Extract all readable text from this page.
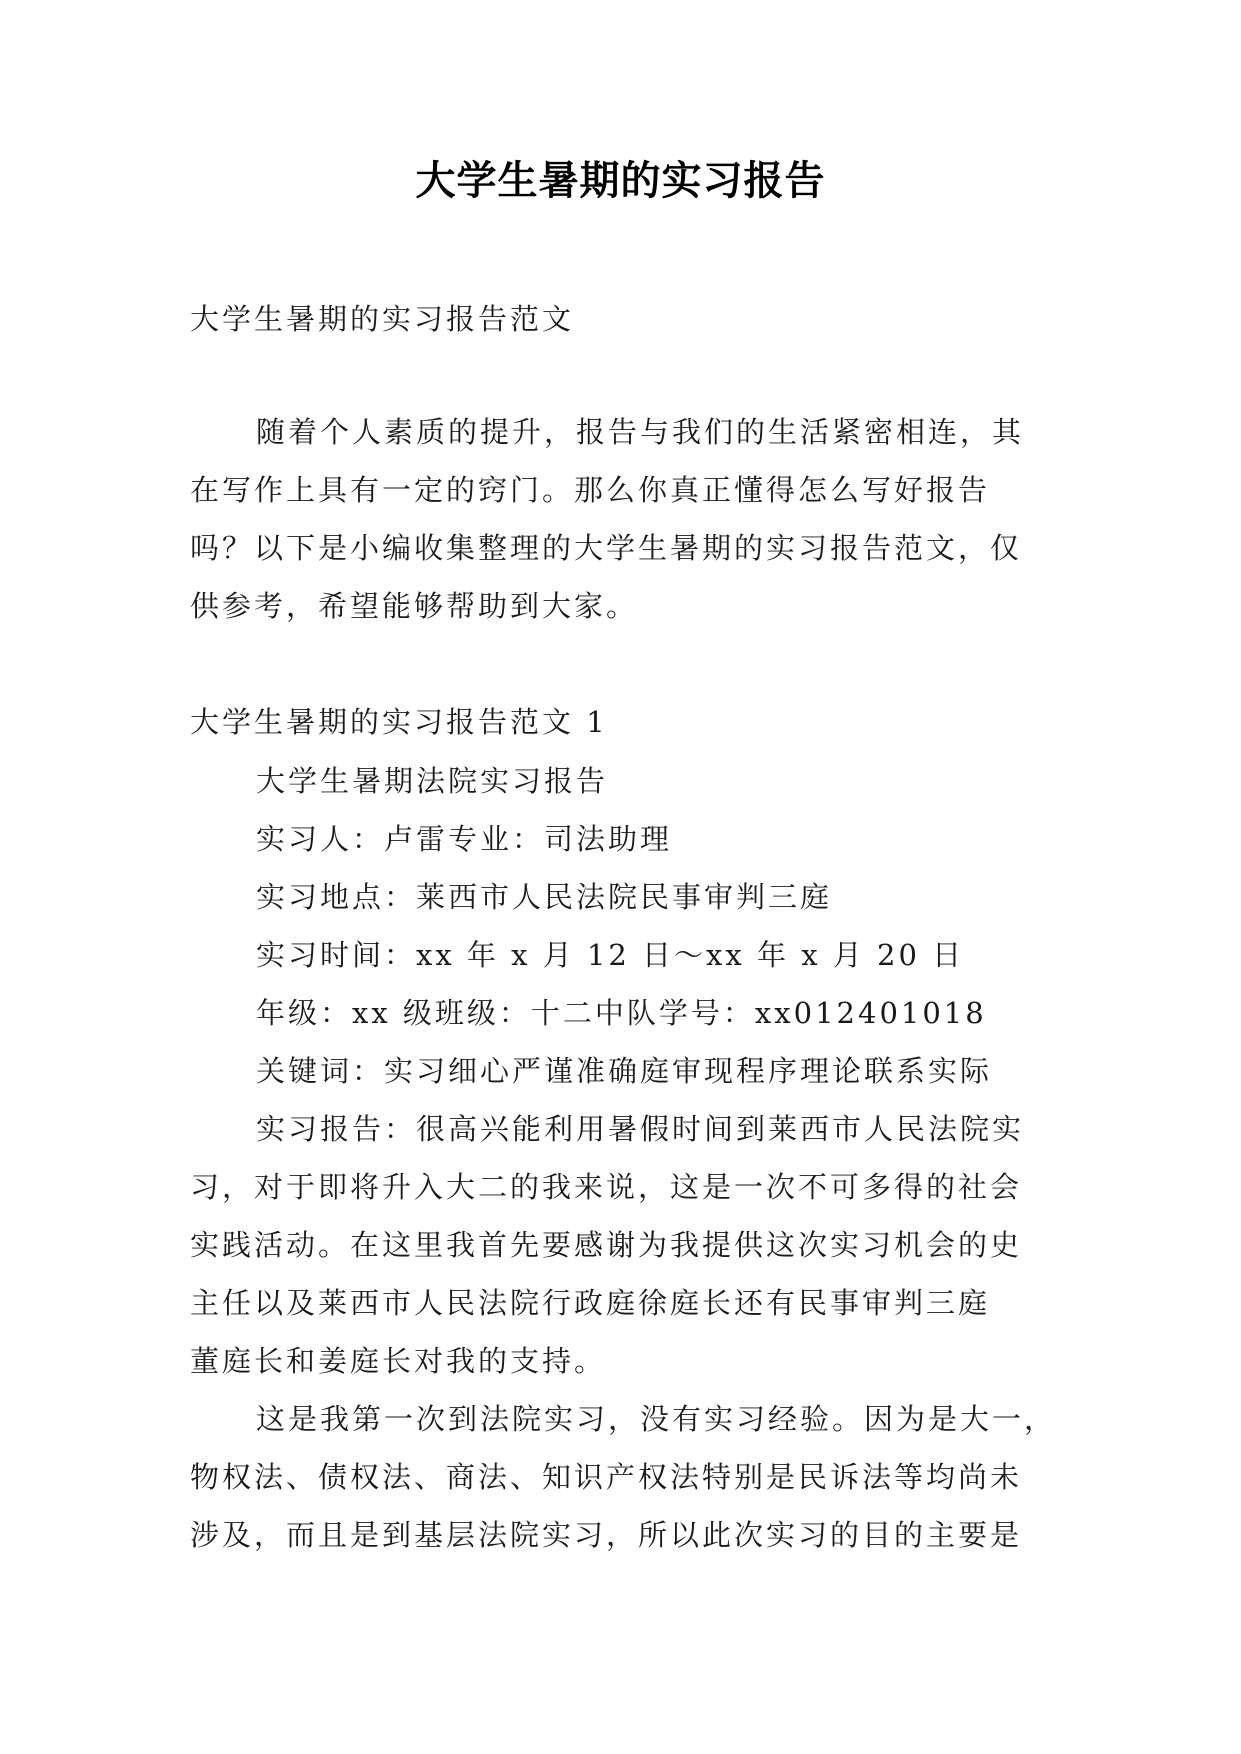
大学生暑期的实习报告
大学生暑期的实习报告范文
随着个人素质的提升，报告与我们的生活紧密相连，其
在写作上具有一定的窍门。那么你真正懂得怎么写好报告
吗？以下是小编收集整理的大学生暑期的实习报告范文，仅
供参考，希望能够帮助到大家。
大学生暑期的实习报告范文 1
大学生暑期法院实习报告
实习人：卢雷专业：司法助理
实习地点：莱西市人民法院民事审判三庭
实习时间：xx 年 x 月 12 日～xx 年 x 月 20 日
年级：xx 级班级：十二中队学号：xx012401018
关键词：实习细心严谨准确庭审现程序理论联系实际
实习报告：很高兴能利用暑假时间到莱西市人民法院实
习，对于即将升入大二的我来说，这是一次不可多得的社会
实践活动。在这里我首先要感谢为我提供这次实习机会的史
主任以及莱西市人民法院行政庭徐庭长还有民事审判三庭
董庭长和姜庭长对我的支持。
这是我第一次到法院实习，没有实习经验。因为是大一，
物权法、债权法、商法、知识产权法特别是民诉法等均尚未
涉及，而且是到基层法院实习，所以此次实习的目的主要是
